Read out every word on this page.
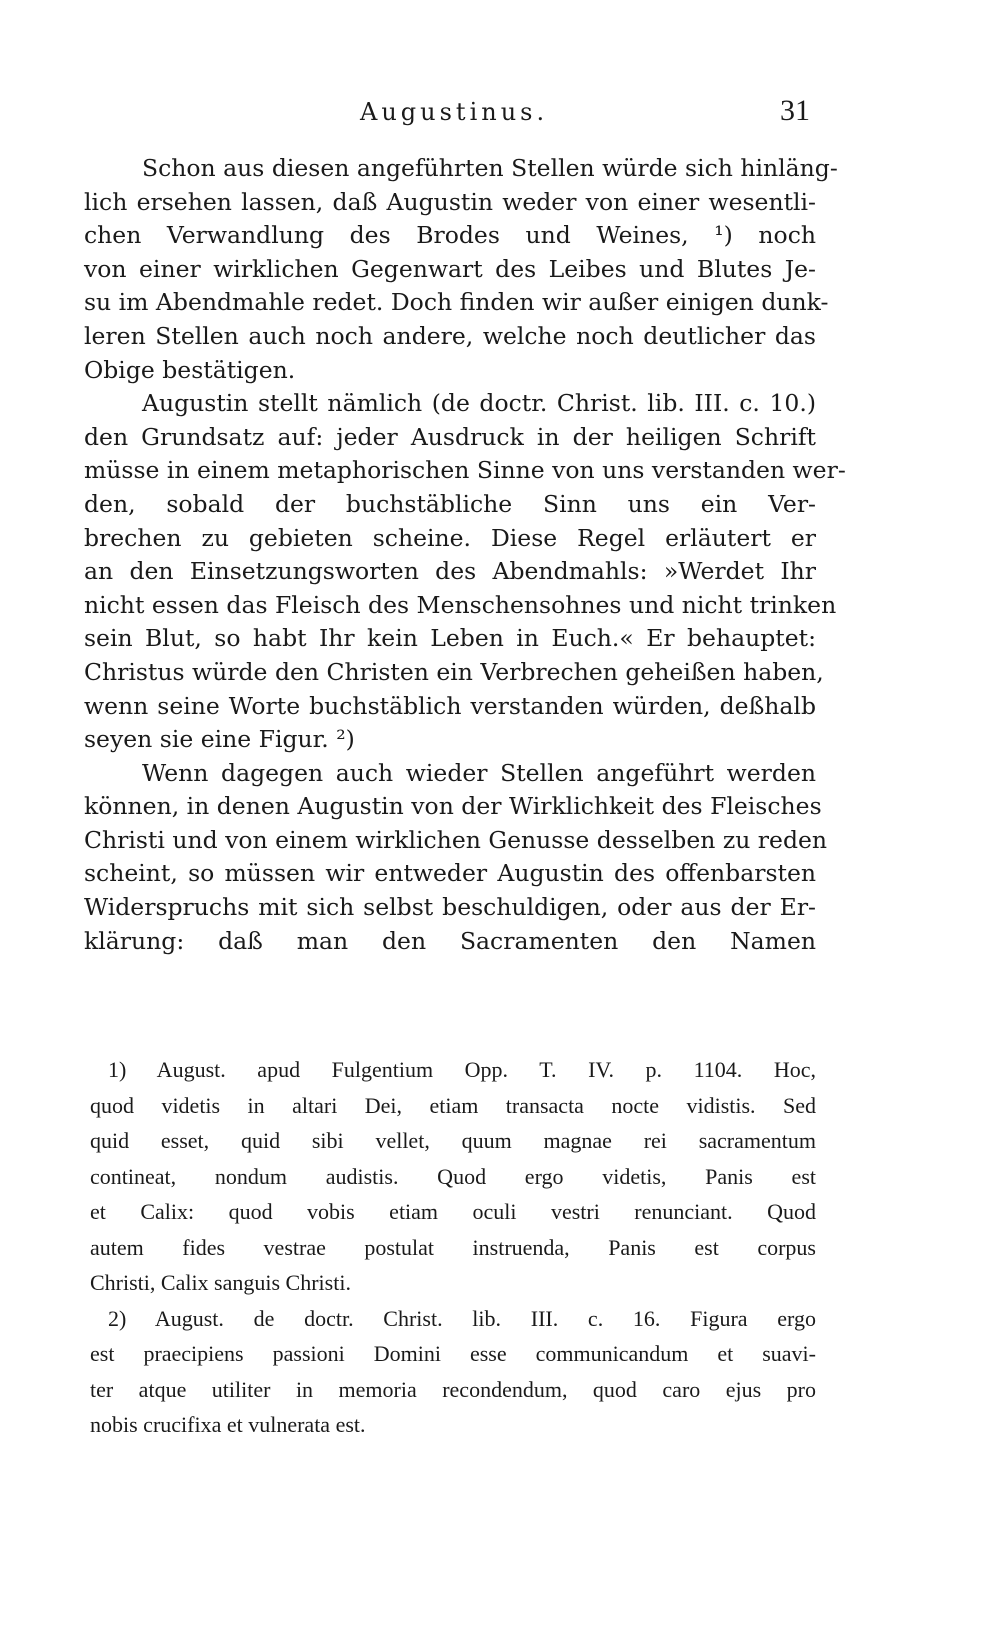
Augustinus.	31
Schon aus diesen angeführten Stellen würde sich hinläng-
lich ersehen lassen, daß Augustin weder von einer wesentli-
chen Verwandlung des Brodes und Weines, ¹) noch
von einer wirklichen Gegenwart des Leibes und Blutes Je-
su im Abendmahle redet. Doch finden wir außer einigen dunk-
leren Stellen auch noch andere, welche noch deutlicher das
Obige bestätigen.
Augustin stellt nämlich (de doctr. Christ. lib. III. c. 10.)
den Grundsatz auf: jeder Ausdruck in der heiligen Schrift
müsse in einem metaphorischen Sinne von uns verstanden wer-
den, sobald der buchstäbliche Sinn uns ein Ver-
brechen zu gebieten scheine. Diese Regel erläutert er
an den Einsetzungsworten des Abendmahls: »Werdet Ihr
nicht essen das Fleisch des Menschensohnes und nicht trinken
sein Blut, so habt Ihr kein Leben in Euch.« Er behauptet:
Christus würde den Christen ein Verbrechen geheißen haben,
wenn seine Worte buchstäblich verstanden würden, deßhalb
seyen sie eine Figur. ²)
Wenn dagegen auch wieder Stellen angeführt werden
können, in denen Augustin von der Wirklichkeit des Fleisches
Christi und von einem wirklichen Genusse desselben zu reden
scheint, so müssen wir entweder Augustin des offenbarsten
Widerspruchs mit sich selbst beschuldigen, oder aus der Er-
klärung: daß man den Sacramenten den Namen
1) August. apud Fulgentium Opp. T. IV. p. 1104. Hoc,
quod videtis in altari Dei, etiam transacta nocte vidistis. Sed
quid esset, quid sibi vellet, quum magnae rei sacramentum
contineat, nondum audistis. Quod ergo videtis, Panis est
et Calix: quod vobis etiam oculi vestri renunciant. Quod
autem fides vestrae postulat instruenda, Panis est corpus
Christi, Calix sanguis Christi.
2) August. de doctr. Christ. lib. III. c. 16. Figura ergo
est praecipiens passioni Domini esse communicandum et suavi-
ter atque utiliter in memoria recondendum, quod caro ejus pro
nobis crucifixa et vulnerata est.
